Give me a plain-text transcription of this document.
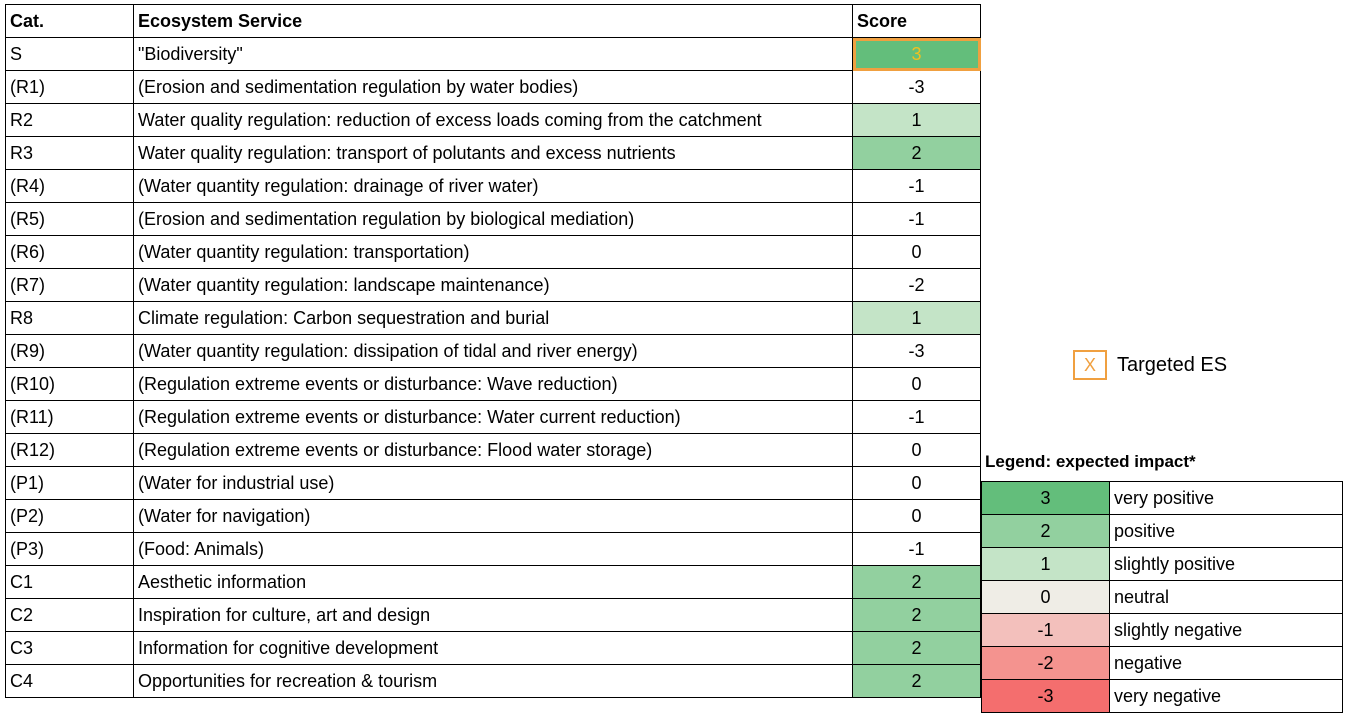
Cat.	Ecosystem Service	Score
S	"Biodiversity"	3
(R1)	(Erosion and sedimentation regulation by water bodies)	-3
R2	Water quality regulation: reduction of excess loads coming from the catchment	1
R3	Water quality regulation: transport of polutants and excess nutrients	2
(R4)	(Water quantity regulation: drainage of river water)	-1
(R5)	(Erosion and sedimentation regulation by biological mediation)	-1
(R6)	(Water quantity regulation: transportation)	0
(R7)	(Water quantity regulation: landscape maintenance)	-2
R8	Climate regulation: Carbon sequestration and burial	1
(R9)	(Water quantity regulation: dissipation of tidal and river energy)	-3
(R10)	(Regulation extreme events or disturbance: Wave reduction)	0
(R11)	(Regulation extreme events or disturbance: Water current reduction)	-1
(R12)	(Regulation extreme events or disturbance: Flood water storage)	0
(P1)	(Water for industrial use)	0
(P2)	(Water for navigation)	0
(P3)	(Food: Animals)	-1
C1	Aesthetic information	2
C2	Inspiration for culture, art and design	2
C3	Information for cognitive development	2
C4	Opportunities for recreation & tourism	2
X	Targeted ES
Legend: expected impact*
3	very positive
2	positive
1	slightly positive
0	neutral
-1	slightly negative
-2	negative
-3	very negative
